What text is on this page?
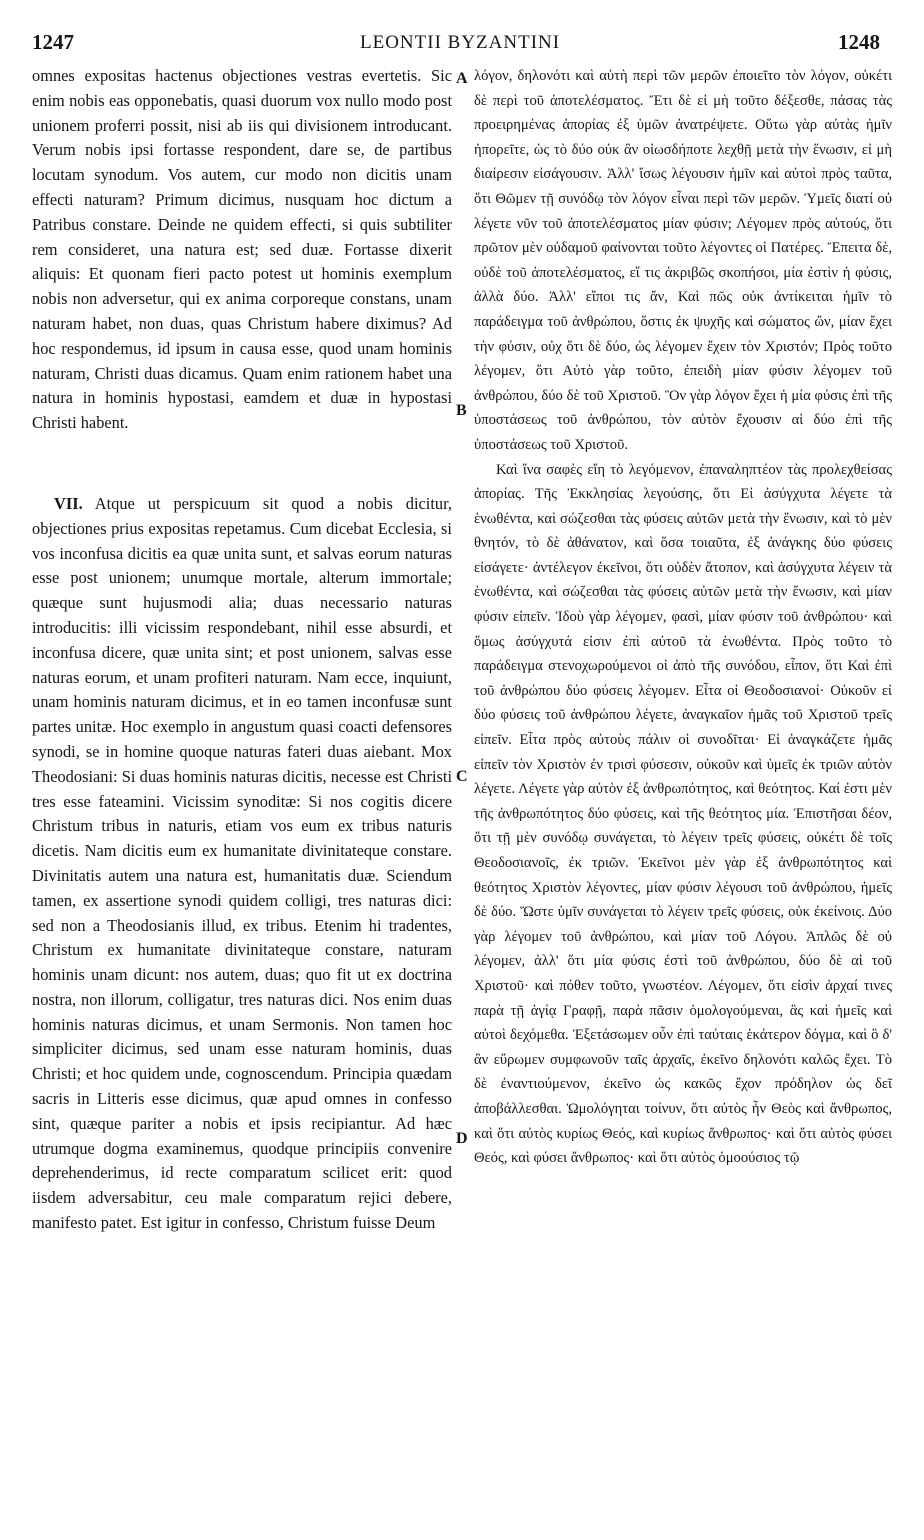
1247	LEONTII BYZANTINI	1248

omnes expositas hactenus objectiones vestras evertetis. Sic enim nobis eas opponebatis, quasi duorum vox nullo modo post unionem proferri possit, nisi ab iis qui divisionem introducant. Verum nobis ipsi fortasse respondent, dare se, de partibus locutam synodum. Vos autem, cur modo non dicitis unam effecti naturam? Primum dicimus, nusquam hoc dictum a Patribus constare. Deinde ne quidem effecti, si quis subtiliter rem consideret, una natura est; sed duæ. Fortasse dixerit aliquis: Et quonam fieri pacto potest ut hominis exemplum nobis non adversetur, qui ex anima corporeque constans, unam naturam habet, non duas, quas Christum habere diximus? Ad hoc respondemus, id ipsum in causa esse, quod unam hominis naturam, Christi duas dicamus. Quam enim rationem habet una natura in hominis hypostasi, eamdem et duæ in hypostasi Christi habent.

VII. Atque ut perspicuum sit quod a nobis dicitur, objectiones prius expositas repetamus. Cum dicebat Ecclesia, si vos inconfusa dicitis ea quæ unita sunt, et salvas eorum naturas esse post unionem; unumque mortale, alterum immortale; quæque sunt hujusmodi alia; duas necessario naturas introducitis: illi vicissim respondebant, nihil esse absurdi, et inconfusa dicere, quæ unita sint; et post unionem, salvas esse naturas eorum, et unam profiteri naturam. Nam ecce, inquiunt, unam hominis naturam dicimus, et in eo tamen inconfusæ sunt partes unitæ. Hoc exemplo in angustum quasi coacti defensores synodi, se in homine quoque naturas fateri duas aiebant. Mox Theodosiani: Si duas hominis naturas dicitis, necesse est Christi tres esse fateamini. Vicissim synoditæ: Si nos cogitis dicere Christum tribus in naturis, etiam vos eum ex tribus naturis dicetis. Nam dicitis eum ex humanitate divinitateque constare. Divinitatis autem una natura est, humanitatis duæ. Sciendum tamen, ex assertione synodi quidem colligi, tres naturas dici: sed non a Theodosianis illud, ex tribus. Etenim hi tradentes, Christum ex humanitate divinitateque constare, naturam hominis unam dicunt: nos autem, duas; quo fit ut ex doctrina nostra, non illorum, colligatur, tres naturas dici. Nos enim duas hominis naturas dicimus, et unam Sermonis. Non tamen hoc simpliciter dicimus, sed unam esse naturam hominis, duas Christi; et hoc quidem unde, cognoscendum. Principia quædam sacris in Litteris esse dicimus, quæ apud omnes in confesso sint, quæque pariter a nobis et ipsis recipiantur. Ad hæc utrumque dogma examinemus, quodque principiis convenire deprehenderimus, id recte comparatum scilicet erit: quod iisdem adversabitur, ceu male comparatum rejici debere, manifesto patet. Est igitur in confesso, Christum fuisse Deum

A
B
C
D

λόγον, δηλονότι καὶ αὐτὴ περὶ τῶν μερῶν ἐποιεῖτο τὸν λόγον, οὐκέτι δὲ περὶ τοῦ ἀποτελέσματος. Ἔτι δὲ εἰ μὴ τοῦτο δέξεσθε, πάσας τὰς προειρημένας ἀπορίας ἐξ ὑμῶν ἀνατρέψετε. Οὕτω γὰρ αὐτὰς ἡμῖν ἠπορεῖτε, ὡς τὸ δύο οὐκ ἂν οἱωσδήποτε λεχθῇ μετὰ τὴν ἕνωσιν, εἰ μὴ διαίρεσιν εἰσάγουσιν. Ἀλλ' ἴσως λέγουσιν ἡμῖν καὶ αὐτοὶ πρὸς ταῦτα, ὅτι Θῶμεν τῇ συνόδῳ τὸν λόγον εἶναι περὶ τῶν μερῶν. Ὑμεῖς διατί οὐ λέγετε νῦν τοῦ ἀποτελέσματος μίαν φύσιν; Λέγομεν πρὸς αὐτούς, ὅτι πρῶτον μὲν οὐδαμοῦ φαίνονται τοῦτο λέγοντες οἱ Πατέρες. Ἔπειτα δὲ, οὐδὲ τοῦ ἀποτελέσματος, εἴ τις ἀκριβῶς σκοπήσοι, μία ἐστὶν ἡ φύσις, ἀλλὰ δύο. Ἀλλ' εἴποι τις ἄν, Καὶ πῶς οὐκ ἀντίκειται ἡμῖν τὸ παράδειγμα τοῦ ἀνθρώπου, ὅστις ἐκ ψυχῆς καὶ σώματος ὤν, μίαν ἔχει τὴν φύσιν, οὐχ ὅτι δὲ δύο, ὡς λέγομεν ἔχειν τὸν Χριστόν; Πρὸς τοῦτο λέγομεν, ὅτι Αὐτὸ γὰρ τοῦτο, ἐπειδὴ μίαν φύσιν λέγομεν τοῦ ἀνθρώπου, δύο δὲ τοῦ Χριστοῦ. Ὃν γὰρ λόγον ἔχει ἡ μία φύσις ἐπὶ τῆς ὑποστάσεως τοῦ ἀνθρώπου, τὸν αὐτὸν ἔχουσιν αἱ δύο ἐπὶ τῆς ὑποστάσεως τοῦ Χριστοῦ.

Καὶ ἵνα σαφὲς εἴη τὸ λεγόμενον, ἐπαναληπτέον τὰς προλεχθείσας ἀπορίας. Τῆς Ἐκκλησίας λεγούσης, ὅτι Εἰ ἀσύγχυτα λέγετε τὰ ἑνωθέντα, καὶ σώζεσθαι τὰς φύσεις αὐτῶν μετὰ τὴν ἕνωσιν, καὶ τὸ μὲν θνητόν, τὸ δὲ ἀθάνατον, καὶ ὅσα τοιαῦτα, ἐξ ἀνάγκης δύο φύσεις εἰσάγετε· ἀντέλεγον ἐκεῖνοι, ὅτι οὐδὲν ἄτοπον, καὶ ἀσύγχυτα λέγειν τὰ ἑνωθέντα, καὶ σώζεσθαι τὰς φύσεις αὐτῶν μετὰ τὴν ἕνωσιν, καὶ μίαν φύσιν εἰπεῖν. Ἰδοὺ γὰρ λέγομεν, φασὶ, μίαν φύσιν τοῦ ἀνθρώπου· καὶ ὅμως ἀσύγχυτά εἰσιν ἐπὶ αὐτοῦ τὰ ἑνωθέντα. Πρὸς τοῦτο τὸ παράδειγμα στενοχωρούμενοι οἱ ἀπὸ τῆς συνόδου, εἶπον, ὅτι Καὶ ἐπὶ τοῦ ἀνθρώπου δύο φύσεις λέγομεν. Εἶτα οἱ Θεοδοσιανοί· Οὐκοῦν εἰ δύο φύσεις τοῦ ἀνθρώπου λέγετε, ἀναγκαῖον ἡμᾶς τοῦ Χριστοῦ τρεῖς εἰπεῖν. Εἶτα πρὸς αὐτοὺς πάλιν οἱ συνοδῖται· Εἰ ἀναγκάζετε ἡμᾶς εἰπεῖν τὸν Χριστὸν ἐν τρισὶ φύσεσιν, οὐκοῦν καὶ ὑμεῖς ἐκ τριῶν αὐτὸν λέγετε. Λέγετε γὰρ αὐτὸν ἐξ ἀνθρωπότητος, καὶ θεότητος. Καί ἐστι μὲν τῆς ἀνθρωπότητος δύο φύσεις, καὶ τῆς θεότητος μία. Ἐπιστῆσαι δέον, ὅτι τῇ μὲν συνόδῳ συνάγεται, τὸ λέγειν τρεῖς φύσεις, οὐκέτι δὲ τοῖς Θεοδοσιανοῖς, ἐκ τριῶν. Ἐκεῖνοι μὲν γὰρ ἐξ ἀνθρωπότητος καὶ θεότητος Χριστὸν λέγοντες, μίαν φύσιν λέγουσι τοῦ ἀνθρώπου, ἡμεῖς δὲ δύο. Ὥστε ὑμῖν συνάγεται τὸ λέγειν τρεῖς φύσεις, οὐκ ἐκείνοις. Δύο γὰρ λέγομεν τοῦ ἀνθρώπου, καὶ μίαν τοῦ Λόγου. Ἁπλῶς δὲ οὐ λέγομεν, ἀλλ' ὅτι μία φύσις ἐστὶ τοῦ ἀνθρώπου, δύο δὲ αἱ τοῦ Χριστοῦ· καὶ πόθεν τοῦτο, γνωστέον. Λέγομεν, ὅτι εἰσὶν ἀρχαί τινες παρὰ τῇ ἁγίᾳ Γραφῇ, παρὰ πᾶσιν ὁμολογούμεναι, ἃς καὶ ἡμεῖς καὶ αὐτοὶ δεχόμεθα. Ἐξετάσωμεν οὖν ἐπὶ ταύταις ἑκάτερον δόγμα, καὶ ὃ δ' ἂν εὕρωμεν συμφωνοῦν ταῖς ἀρχαῖς, ἐκεῖνο δηλονότι καλῶς ἔχει. Τὸ δὲ ἐναντιούμενον, ἐκεῖνο ὡς κακῶς ἔχον πρόδηλον ὡς δεῖ ἀποβάλλεσθαι. Ὡμολόγηται τοίνυν, ὅτι αὐτὸς ἦν Θεὸς καὶ ἄνθρωπος, καὶ ὅτι αὐτὸς κυρίως Θεός, καὶ κυρίως ἄνθρωπος· καὶ ὅτι αὐτὸς φύσει Θεός, καὶ φύσει ἄνθρωπος· καὶ ὅτι αὐτὸς ὁμοούσιος τῷ
